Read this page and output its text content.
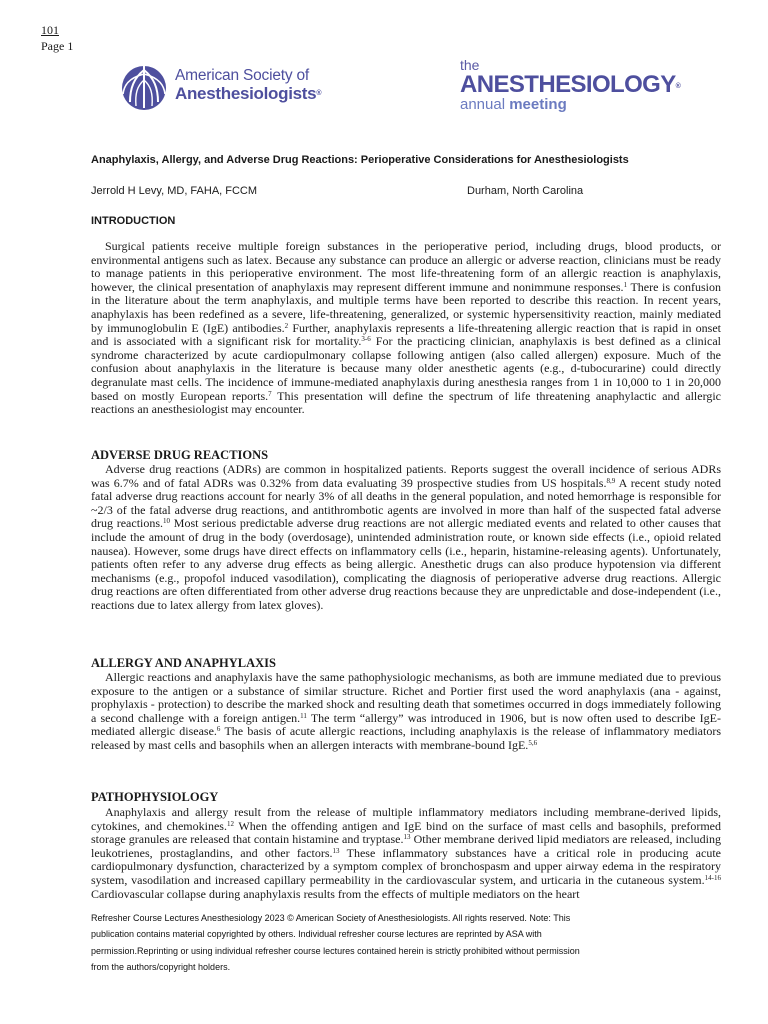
101
Page 1
American Society of
Anesthesiologists®
the
ANESTHESIOLOGY®
annual meeting
Anaphylaxis, Allergy, and Adverse Drug Reactions: Perioperative Considerations for Anesthesiologists
Jerrold H Levy, MD, FAHA, FCCM	Durham, North Carolina
INTRODUCTION

Surgical patients receive multiple foreign substances in the perioperative period, including drugs, blood products, or environmental antigens such as latex. Because any substance can produce an allergic or adverse reaction, clinicians must be ready to manage patients in this perioperative environment. The most life-threatening form of an allergic reaction is anaphylaxis, however, the clinical presentation of anaphylaxis may represent different immune and nonimmune responses.$^1$ There is confusion in the literature about the term anaphylaxis, and multiple terms have been reported to describe this reaction. In recent years, anaphylaxis has been redefined as a severe, life-threatening, generalized, or systemic hypersensitivity reaction, mainly mediated by immunoglobulin E (IgE) antibodies.$^2$ Further, anaphylaxis represents a life-threatening allergic reaction that is rapid in onset and is associated with a significant risk for mortality.$^{3-6}$ For the practicing clinician, anaphylaxis is best defined as a clinical syndrome characterized by acute cardiopulmonary collapse following antigen (also called allergen) exposure. Much of the confusion about anaphylaxis in the literature is because many older anesthetic agents (e.g., d-tubocurarine) could directly degranulate mast cells. The incidence of immune-mediated anaphylaxis during anesthesia ranges from 1 in 10,000 to 1 in 20,000 based on mostly European reports.$^7$ This presentation will define the spectrum of life threatening anaphylactic and allergic reactions an anesthesiologist may encounter.

ADVERSE DRUG REACTIONS

Adverse drug reactions (ADRs) are common in hospitalized patients. Reports suggest the overall incidence of serious ADRs was 6.7% and of fatal ADRs was 0.32% from data evaluating 39 prospective studies from US hospitals.$^{8,9}$ A recent study noted fatal adverse drug reactions account for nearly 3% of all deaths in the general population, and noted hemorrhage is responsible for ~2/3 of the fatal adverse drug reactions, and antithrombotic agents are involved in more than half of the suspected fatal adverse drug reactions.$^{10}$ Most serious predictable adverse drug reactions are not allergic mediated events and related to other causes that include the amount of drug in the body (overdosage), unintended administration route, or known side effects (i.e., opioid related nausea). However, some drugs have direct effects on inflammatory cells (i.e., heparin, histamine-releasing agents). Unfortunately, patients often refer to any adverse drug effects as being allergic. Anesthetic drugs can also produce hypotension via different mechanisms (e.g., propofol induced vasodilation), complicating the diagnosis of perioperative adverse drug reactions. Allergic drug reactions are often differentiated from other adverse drug reactions because they are unpredictable and dose-independent (i.e., reactions due to latex allergy from latex gloves).

ALLERGY AND ANAPHYLAXIS

Allergic reactions and anaphylaxis have the same pathophysiologic mechanisms, as both are immune mediated due to previous exposure to the antigen or a substance of similar structure. Richet and Portier first used the word anaphylaxis (ana - against, prophylaxis - protection) to describe the marked shock and resulting death that sometimes occurred in dogs immediately following a second challenge with a foreign antigen.$^{11}$ The term “allergy” was introduced in 1906, but is now often used to describe IgE-mediated allergic disease.$^6$ The basis of acute allergic reactions, including anaphylaxis is the release of inflammatory mediators released by mast cells and basophils when an allergen interacts with membrane-bound IgE.$^{5,6}$

PATHOPHYSIOLOGY

Anaphylaxis and allergy result from the release of multiple inflammatory mediators including membrane-derived lipids, cytokines, and chemokines.$^{12}$ When the offending antigen and IgE bind on the surface of mast cells and basophils, preformed storage granules are released that contain histamine and tryptase.$^{13}$ Other membrane derived lipid mediators are released, including leukotrienes, prostaglandins, and other factors.$^{13}$ These inflammatory substances have a critical role in producing acute cardiopulmonary dysfunction, characterized by a symptom complex of bronchospasm and upper airway edema in the respiratory system, vasodilation and increased capillary permeability in the cardiovascular system, and urticaria in the cutaneous system.$^{14-16}$ Cardiovascular collapse during anaphylaxis results from the effects of multiple mediators on the heart

Refresher Course Lectures Anesthesiology 2023 © American Society of Anesthesiologists. All rights reserved. Note: This
publication contains material copyrighted by others. Individual refresher course lectures are reprinted by ASA with
permission.Reprinting or using individual refresher course lectures contained herein is strictly prohibited without permission
from the authors/copyright holders.
